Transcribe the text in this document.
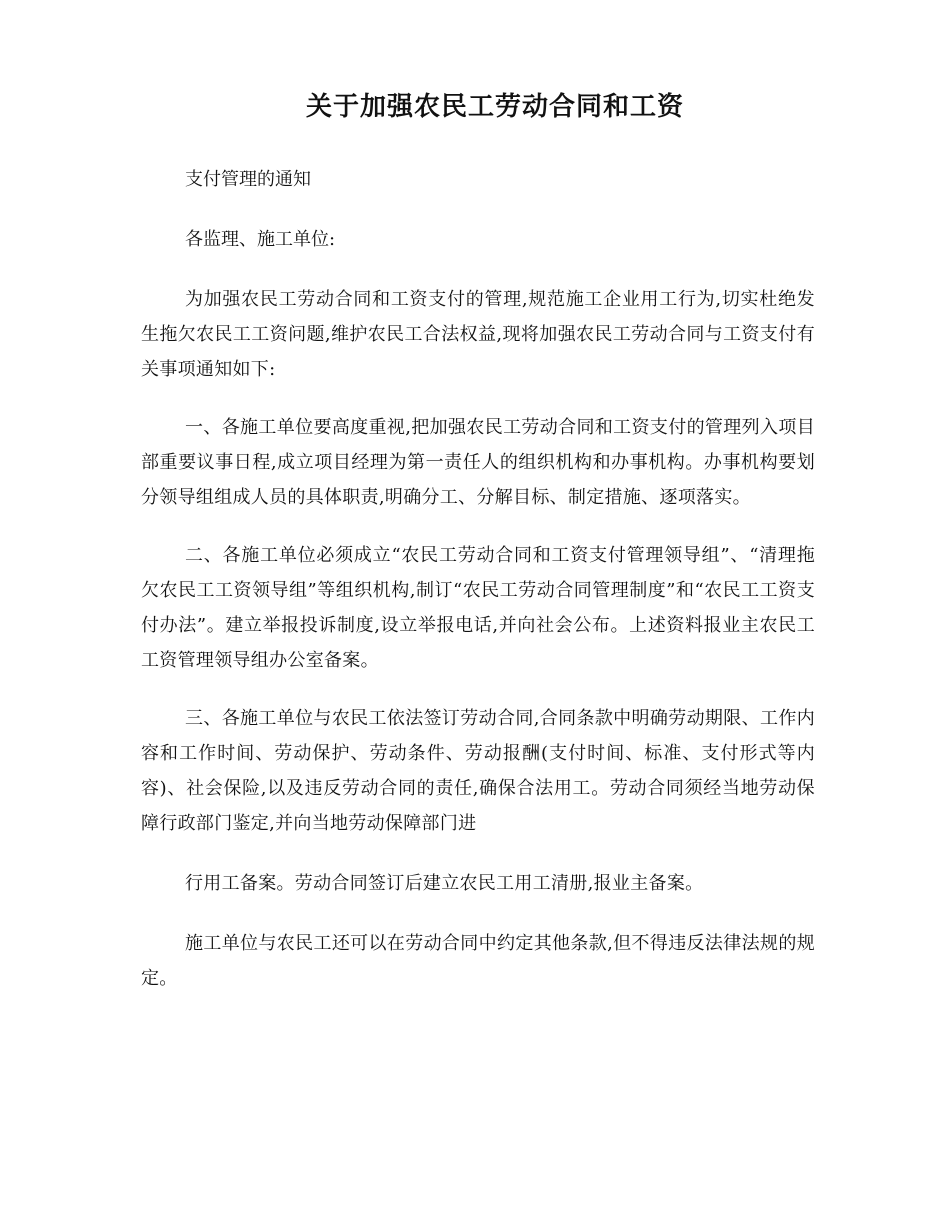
关于加强农民工劳动合同和工资
支付管理的通知
各监理、施工单位:
为加强农民工劳动合同和工资支付的管理,规范施工企业用工行为,切实杜绝发生拖欠农民工工资问题,维护农民工合法权益,现将加强农民工劳动合同与工资支付有关事项通知如下:
一、各施工单位要高度重视,把加强农民工劳动合同和工资支付的管理列入项目部重要议事日程,成立项目经理为第一责任人的组织机构和办事机构。办事机构要划分领导组组成人员的具体职责,明确分工、分解目标、制定措施、逐项落实。
二、各施工单位必须成立“农民工劳动合同和工资支付管理领导组”、“清理拖欠农民工工资领导组”等组织机构,制订“农民工劳动合同管理制度”和“农民工工资支付办法”。建立举报投诉制度,设立举报电话,并向社会公布。上述资料报业主农民工工资管理领导组办公室备案。
三、各施工单位与农民工依法签订劳动合同,合同条款中明确劳动期限、工作内容和工作时间、劳动保护、劳动条件、劳动报酬(支付时间、标准、支付形式等内容)、社会保险,以及违反劳动合同的责任,确保合法用工。劳动合同须经当地劳动保障行政部门鉴定,并向当地劳动保障部门进
行用工备案。劳动合同签订后建立农民工用工清册,报业主备案。
施工单位与农民工还可以在劳动合同中约定其他条款,但不得违反法律法规的规定。
